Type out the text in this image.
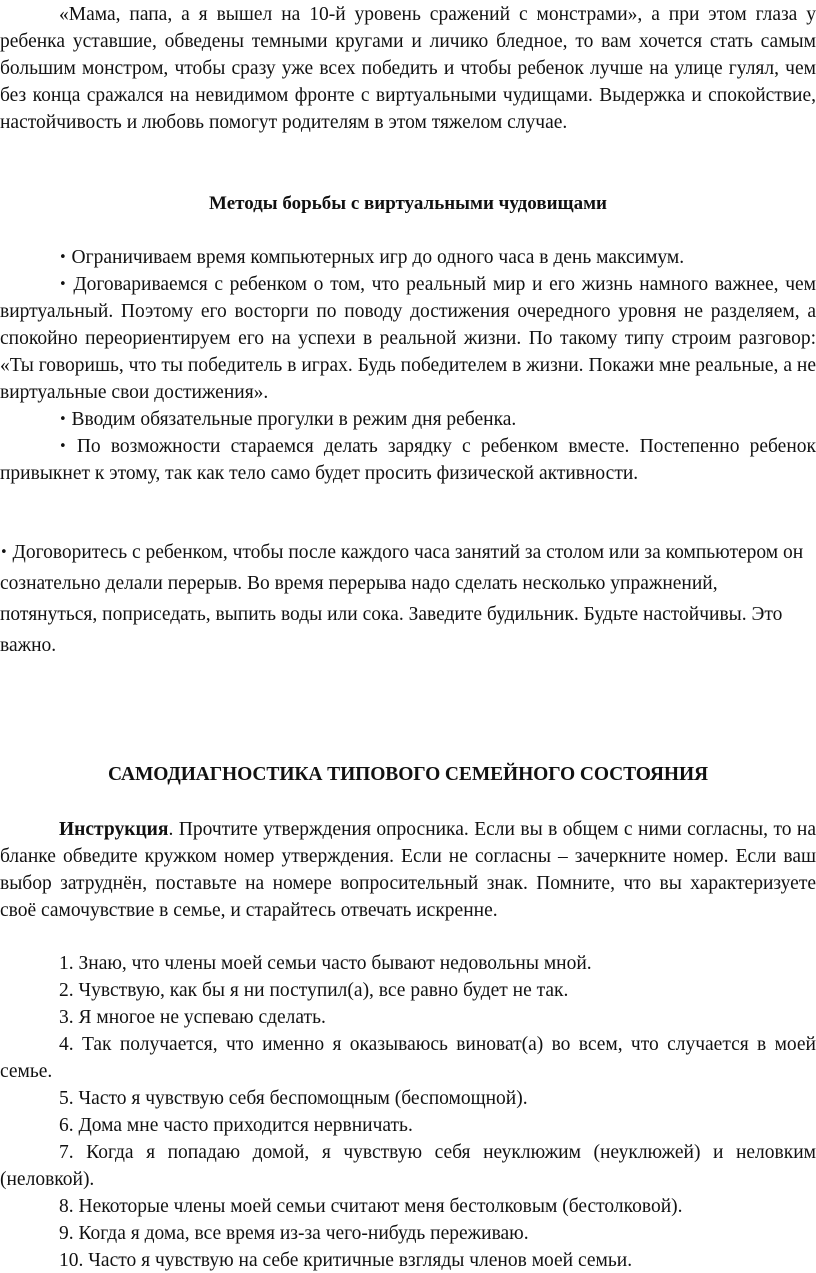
«Мама, папа, а я вышел на 10-й уровень сражений с монстрами», а при этом глаза у ребенка уставшие, обведены темными кругами и личико бледное, то вам хочется стать самым большим монстром, чтобы сразу уже всех победить и чтобы ребенок лучше на улице гулял, чем без конца сражался на невидимом фронте с виртуальными чудищами. Выдержка и спокойствие, настойчивость и любовь помогут родителям в этом тяжелом случае.

Методы борьбы с виртуальными чудовищами

• Ограничиваем время компьютерных игр до одного часа в день максимум.

• Договариваемся с ребенком о том, что реальный мир и его жизнь намного важнее, чем виртуальный. Поэтому его восторги по поводу достижения очередного уровня не разделяем, а спокойно переориентируем его на успехи в реальной жизни. По такому типу строим разговор: «Ты говоришь, что ты победитель в играх. Будь победителем в жизни. Покажи мне реальные, а не виртуальные свои достижения».

• Вводим обязательные прогулки в режим дня ребенка.

• По возможности стараемся делать зарядку с ребенком вместе. Постепенно ребенок привыкнет к этому, так как тело само будет просить физической активности.

• Договоритесь с ребенком, чтобы после каждого часа занятий за столом или за компьютером он сознательно делали перерыв. Во время перерыва надо сделать несколько упражнений, потянуться, поприседать, выпить воды или сока. Заведите будильник. Будьте настойчивы. Это важно.

САМОДИАГНОСТИКА ТИПОВОГО СЕМЕЙНОГО СОСТОЯНИЯ

Инструкция. Прочтите утверждения опросника. Если вы в общем с ними согласны, то на бланке обведите кружком номер утверждения. Если не согласны – зачеркните номер. Если ваш выбор затруднён, поставьте на номере вопросительный знак. Помните, что вы характеризуете своё самочувствие в семье, и старайтесь отвечать искренне.

1. Знаю, что члены моей семьи часто бывают недовольны мной.

2. Чувствую, как бы я ни поступил(а), все равно будет не так.

3. Я многое не успеваю сделать.

4. Так получается, что именно я оказываюсь виноват(а) во всем, что случается в моей семье.

5. Часто я чувствую себя беспомощным (беспомощной).

6. Дома мне часто приходится нервничать.

7. Когда я попадаю домой, я чувствую себя неуклюжим (неуклюжей) и неловким (неловкой).

8. Некоторые члены моей семьи считают меня бестолковым (бестолковой).

9. Когда я дома, все время из-за чего-нибудь переживаю.

10. Часто я чувствую на себе критичные взгляды членов моей семьи.
